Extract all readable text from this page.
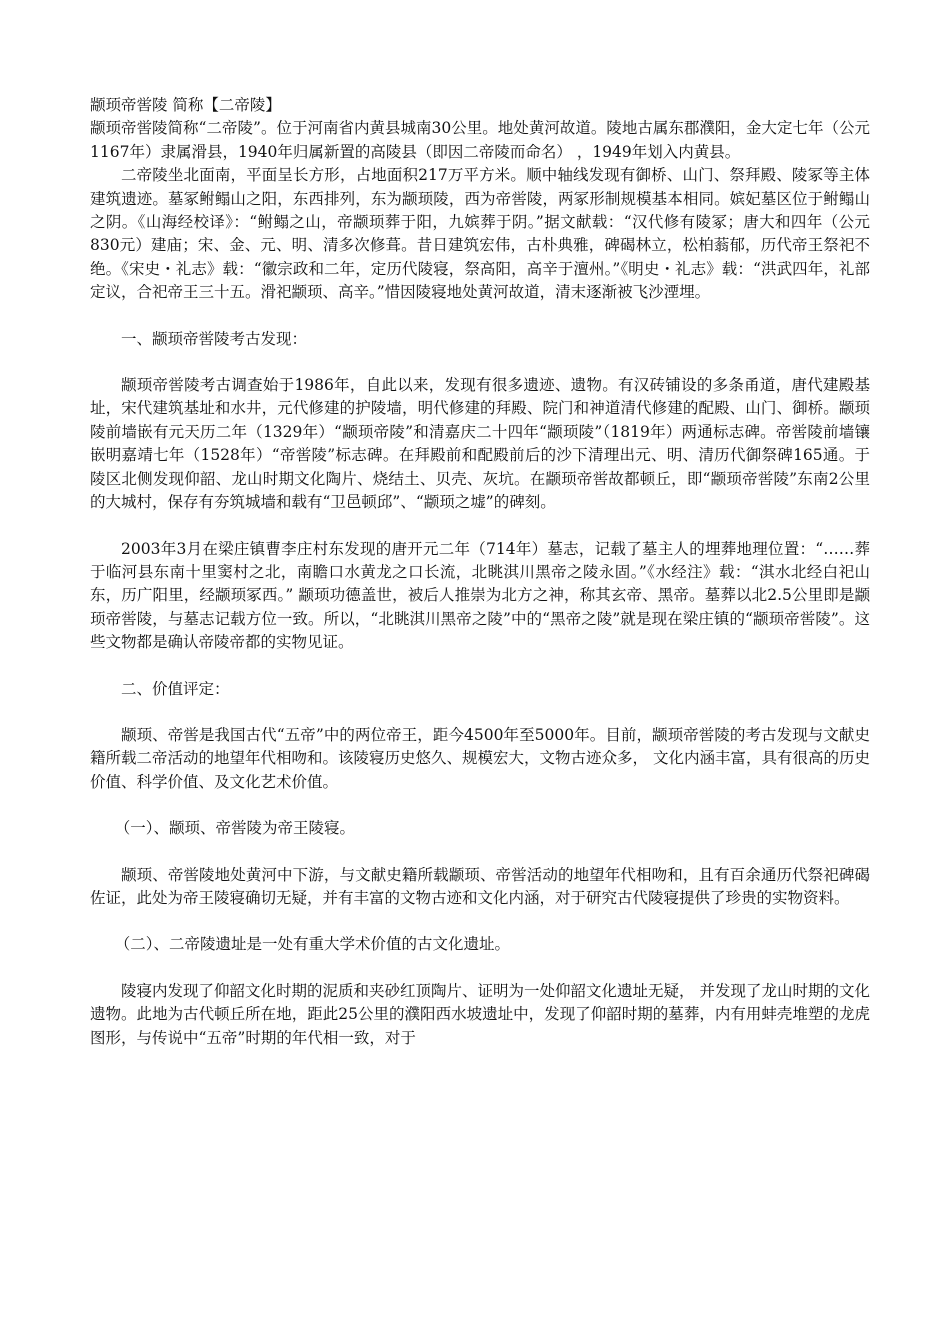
颛顼帝喾陵 简称【二帝陵】

颛顼帝喾陵简称“二帝陵”。位于河南省内黄县城南30公里。地处黄河故道。陵地古属东郡濮阳，金大定七年（公元1167年）隶属滑县，1940年归属新置的高陵县（即因二帝陵而命名） ，1949年划入内黄县。

二帝陵坐北面南，平面呈长方形，占地面积217万平方米。顺中轴线发现有御桥、山门、祭拜殿、陵冢等主体建筑遗迹。墓冢鲋鳎山之阳，东西排列，东为颛顼陵，西为帝喾陵，两冢形制规模基本相同。嫔妃墓区位于鲋鳎山之阴。《山海经校译》：“鲋鳎之山，帝颛顼葬于阳，九嫔葬于阴。”据文献载：“汉代修有陵冢；唐大和四年（公元830元）建庙；宋、金、元、明、清多次修葺。昔日建筑宏伟，古朴典雅，碑碣林立，松柏蓊郁，历代帝王祭祀不绝。《宋史・礼志》载：“徽宗政和二年，定历代陵寝，祭高阳，高辛于澶州。”《明史・礼志》载：“洪武四年，礼部定议，合祀帝王三十五。滑祀颛顼、高辛。”惜因陵寝地处黄河故道，清末逐渐被飞沙湮埋。

一、颛顼帝喾陵考古发现：

颛顼帝喾陵考古调查始于1986年，自此以来，发现有很多遗迹、遗物。有汉砖铺设的多条甬道，唐代建殿基址，宋代建筑基址和水井，元代修建的护陵墙，明代修建的拜殿、院门和神道清代修建的配殿、山门、御桥。颛顼陵前墙嵌有元天历二年（1329年）“颛顼帝陵”和清嘉庆二十四年“颛顼陵”（1819年）两通标志碑。帝喾陵前墙镶嵌明嘉靖七年（1528年）“帝喾陵”标志碑。在拜殿前和配殿前后的沙下清理出元、明、清历代御祭碑165通。于陵区北侧发现仰韶、龙山时期文化陶片、烧结土、贝壳、灰坑。在颛顼帝喾故都顿丘，即“颛顼帝喾陵”东南2公里的大城村，保存有夯筑城墙和载有“卫邑顿邱”、“颛顼之墟”的碑刻。

2003年3月在梁庄镇曹李庄村东发现的唐开元二年（714年）墓志，记载了墓主人的埋葬地理位置：“……葬于临河县东南十里窦村之北，南瞻口水黄龙之口长流，北眺淇川黑帝之陵永固。”《水经注》载：“淇水北经白祀山东，历广阳里，经颛顼冢西。” 颛顼功德盖世，被后人推崇为北方之神，称其玄帝、黑帝。墓葬以北2.5公里即是颛顼帝喾陵，与墓志记载方位一致。所以，“北眺淇川黑帝之陵”中的“黑帝之陵”就是现在梁庄镇的“颛顼帝喾陵”。这些文物都是确认帝陵帝都的实物见证。

二、价值评定：

颛顼、帝喾是我国古代“五帝”中的两位帝王，距今4500年至5000年。目前，颛顼帝喾陵的考古发现与文献史籍所载二帝活动的地望年代相吻和。该陵寝历史悠久、规模宏大，文物古迹众多， 文化内涵丰富，具有很高的历史价值、科学价值、及文化艺术价值。

（一）、颛顼、帝喾陵为帝王陵寝。

颛顼、帝喾陵地处黄河中下游，与文献史籍所载颛顼、帝喾活动的地望年代相吻和，且有百余通历代祭祀碑碣佐证，此处为帝王陵寝确切无疑，并有丰富的文物古迹和文化内涵，对于研究古代陵寝提供了珍贵的实物资料。

（二）、二帝陵遗址是一处有重大学术价值的古文化遗址。

陵寝内发现了仰韶文化时期的泥质和夹砂红顶陶片、证明为一处仰韶文化遗址无疑， 并发现了龙山时期的文化遗物。此地为古代顿丘所在地，距此25公里的濮阳西水坡遗址中，发现了仰韶时期的墓葬，内有用蚌壳堆塑的龙虎图形，与传说中“五帝”时期的年代相一致，对于
